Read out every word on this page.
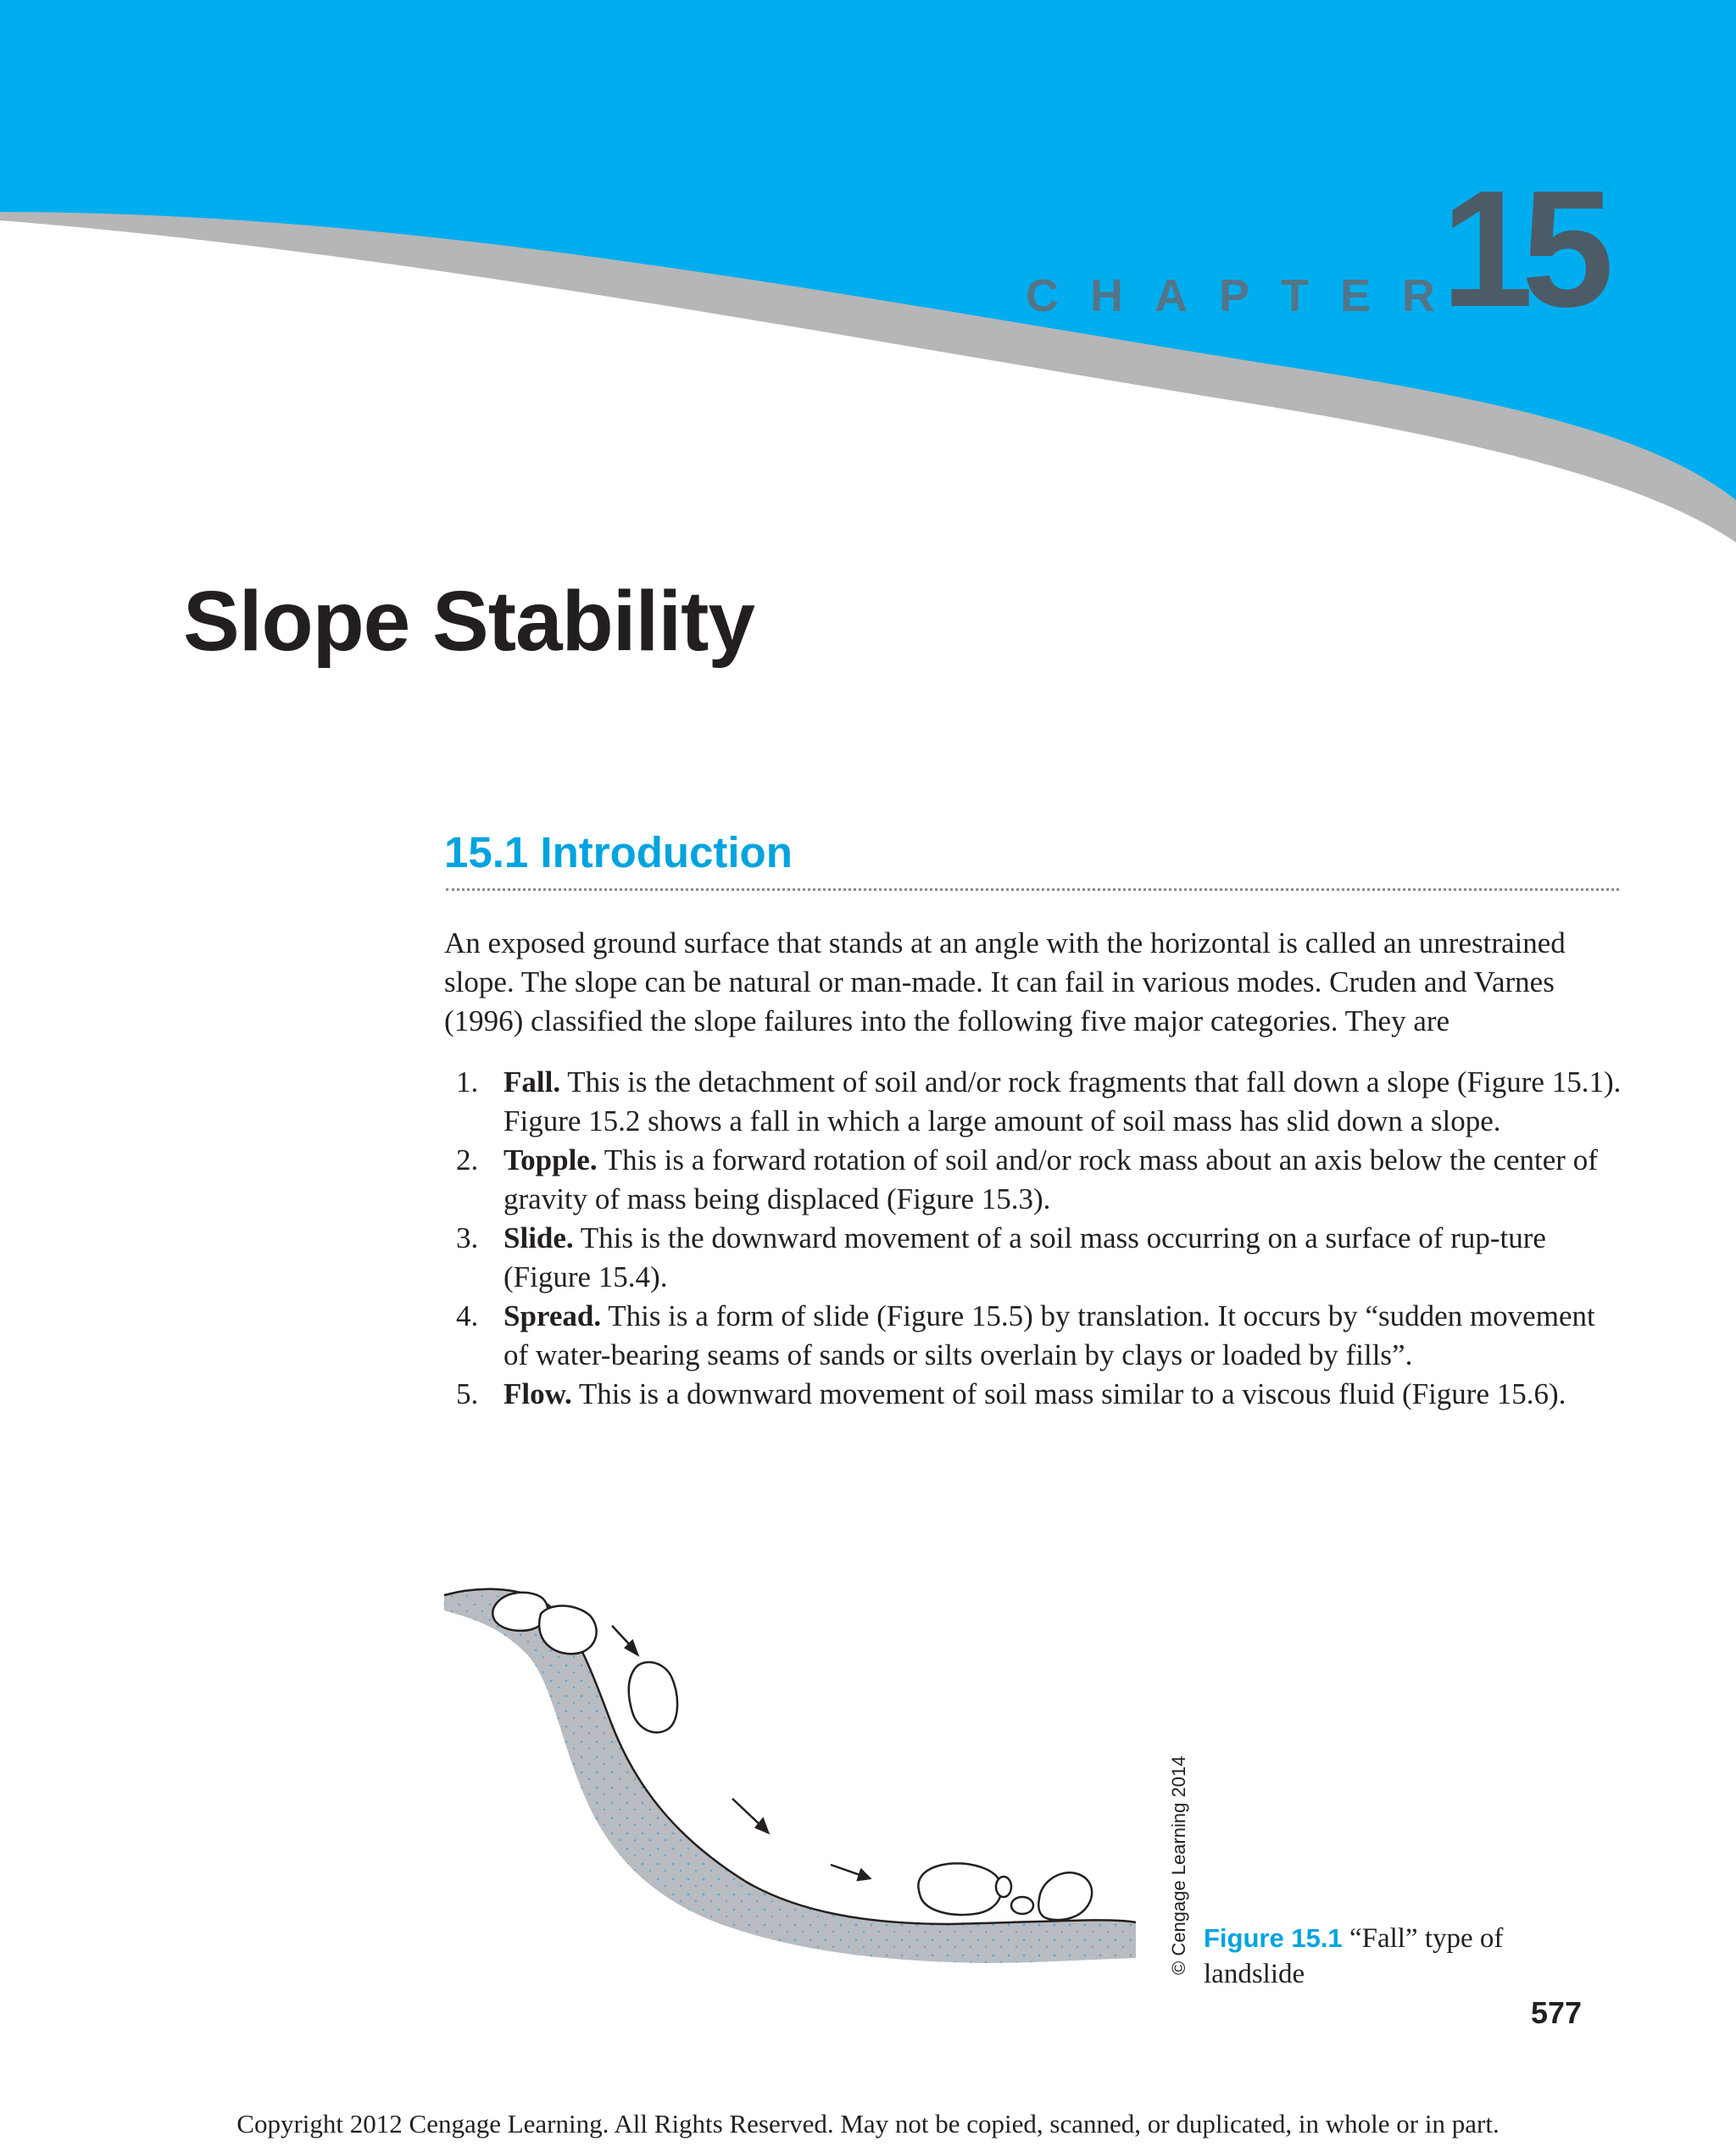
CHAPTER
15
Slope Stability
15.1 Introduction

An exposed ground surface that stands at an angle with the horizontal is called an unrestrained slope. The slope can be natural or man-made. It can fail in various modes. Cruden and Varnes (1996) classified the slope failures into the following five major categories. They are

1. Fall. This is the detachment of soil and/or rock fragments that fall down a slope (Figure 15.1). Figure 15.2 shows a fall in which a large amount of soil mass has slid down a slope.
2. Topple. This is a forward rotation of soil and/or rock mass about an axis below the center of gravity of mass being displaced (Figure 15.3).
3. Slide. This is the downward movement of a soil mass occurring on a surface of rup-ture (Figure 15.4).
4. Spread. This is a form of slide (Figure 15.5) by translation. It occurs by “sudden movement of water-bearing seams of sands or silts overlain by clays or loaded by fills”.
5. Flow. This is a downward movement of soil mass similar to a viscous fluid (Figure 15.6).
© Cengage Learning 2014 Figure 15.1 “Fall” type of landslide
577
Copyright 2012 Cengage Learning. All Rights Reserved. May not be copied, scanned, or duplicated, in whole or in part.
